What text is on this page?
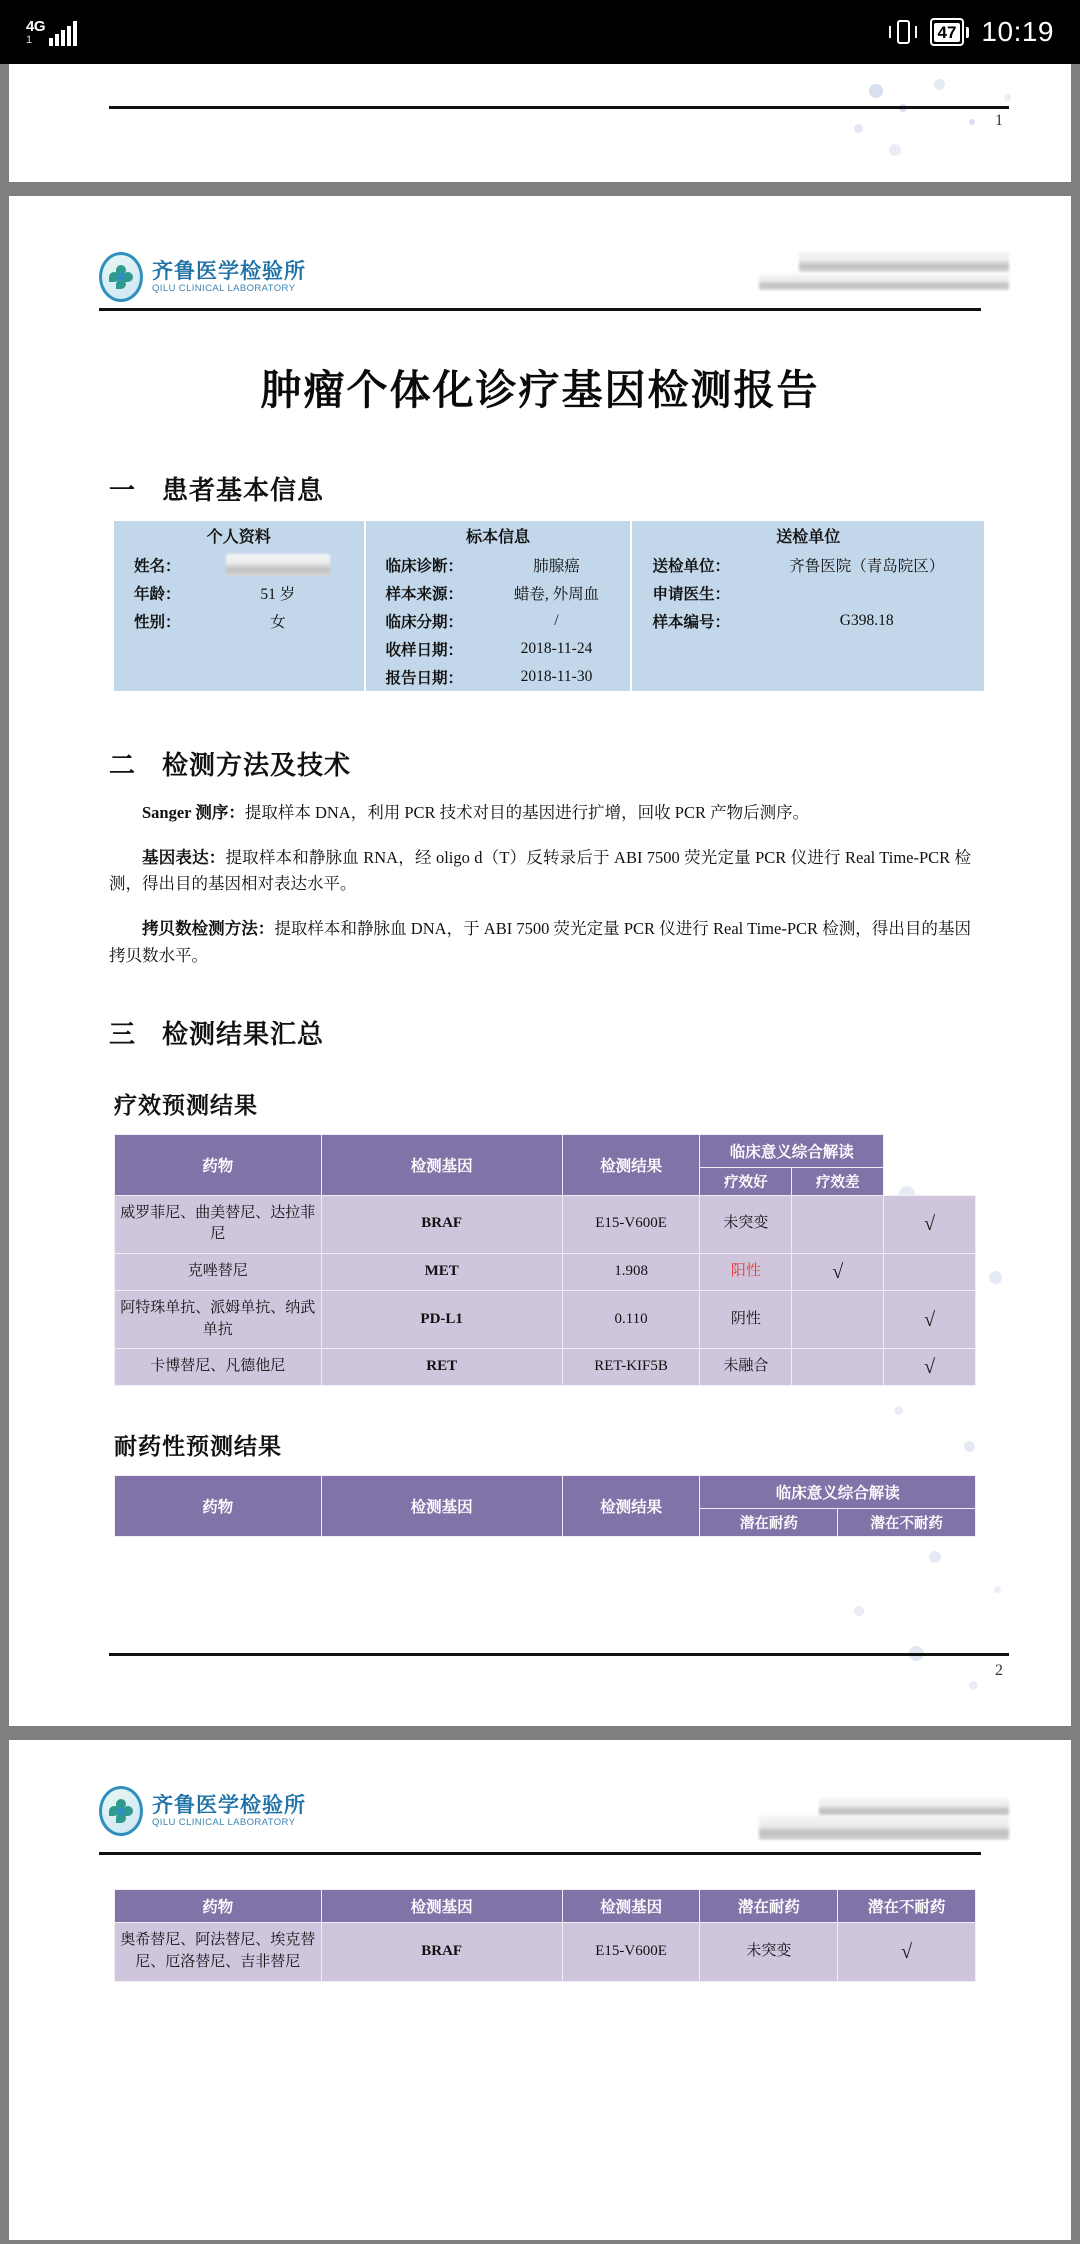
4G
1	47 10:19
1
齐鲁医学检验所
QILU CLINICAL LABORATORY
肿瘤个体化诊疗基因检测报告
一 患者基本信息
个人资料		标本信息		送检单位	
姓名：		临床诊断：	肺腺癌	送检单位：	齐鲁医院（青岛院区）
年龄：	51 岁	样本来源：	蜡卷, 外周血	申请医生：	
性别：	女	临床分期：	/	样本编号：	G398.18
		收样日期：	2018-11-24		
		报告日期：	2018-11-30		
二 检测方法及技术
Sanger 测序：提取样本 DNA，利用 PCR 技术对目的基因进行扩增，回收 PCR 产物后测序。
基因表达：提取样本和静脉血 RNA，经 oligo d（T）反转录后于 ABI 7500 荧光定量 PCR 仪进行 Real Time-PCR 检测，得出目的基因相对表达水平。
拷贝数检测方法：提取样本和静脉血 DNA，于 ABI 7500 荧光定量 PCR 仪进行 Real Time-PCR 检测，得出目的基因拷贝数水平。
三 检测结果汇总
疗效预测结果
药物	检测基因	检测结果	临床意义综合解读		
			疗效好	疗效差	
威罗菲尼、曲美替尼、达拉菲尼	BRAF	E15-V600E	未突变		√
克唑替尼	MET	1.908	阳性	√	
阿特珠单抗、派姆单抗、纳武单抗	PD-L1	0.110	阴性		√
卡博替尼、凡德他尼	RET	RET-KIF5B	未融合		√
耐药性预测结果
药物	检测基因	检测结果	临床意义综合解读	
			潜在耐药	潜在不耐药
2
齐鲁医学检验所
QILU CLINICAL LABORATORY
药物	检测基因	检测基因	潜在耐药	潜在不耐药
奥希替尼、阿法替尼、埃克替尼、厄洛替尼、吉非替尼	BRAF	E15-V600E	未突变	√
